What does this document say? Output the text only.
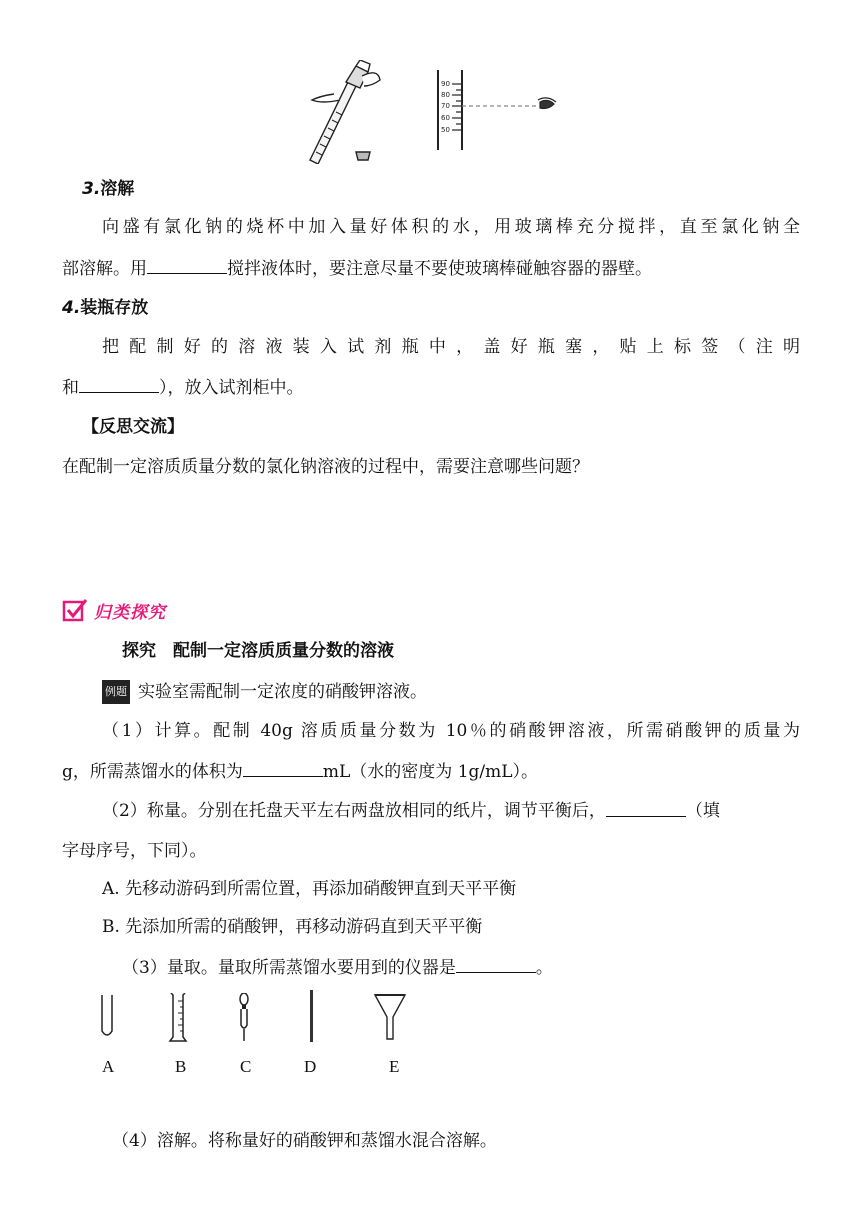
90
80
70
60
50
3.溶解
向盛有氯化钠的烧杯中加入量好体积的水，用玻璃棒充分搅拌，直至氯化钠全
部溶解。用	搅拌液体时，要注意尽量不要使玻璃棒碰触容器的器壁。
4.装瓶存放
把配制好的溶液装入试剂瓶中，盖好瓶塞，贴上标签（注明
和	），放入试剂柜中。
【反思交流】
在配制一定溶质质量分数的氯化钠溶液的过程中，需要注意哪些问题？
归类探究
探究　配制一定溶质质量分数的溶液
例题 实验室需配制一定浓度的硝酸钾溶液。
（1）计算。配制 40g 溶质质量分数为 10％的硝酸钾溶液，所需硝酸钾的质量为
g，所需蒸馏水的体积为	mL（水的密度为 1g/mL）。
（2）称量。分别在托盘天平左右两盘放相同的纸片，调节平衡后，	（填
字母序号，下同）。
A. 先移动游码到所需位置，再添加硝酸钾直到天平平衡
B. 先添加所需的硝酸钾，再移动游码直到天平平衡
（3）量取。量取所需蒸馏水要用到的仪器是	。
A	B	C	D	E
（4）溶解。将称量好的硝酸钾和蒸馏水混合溶解。
